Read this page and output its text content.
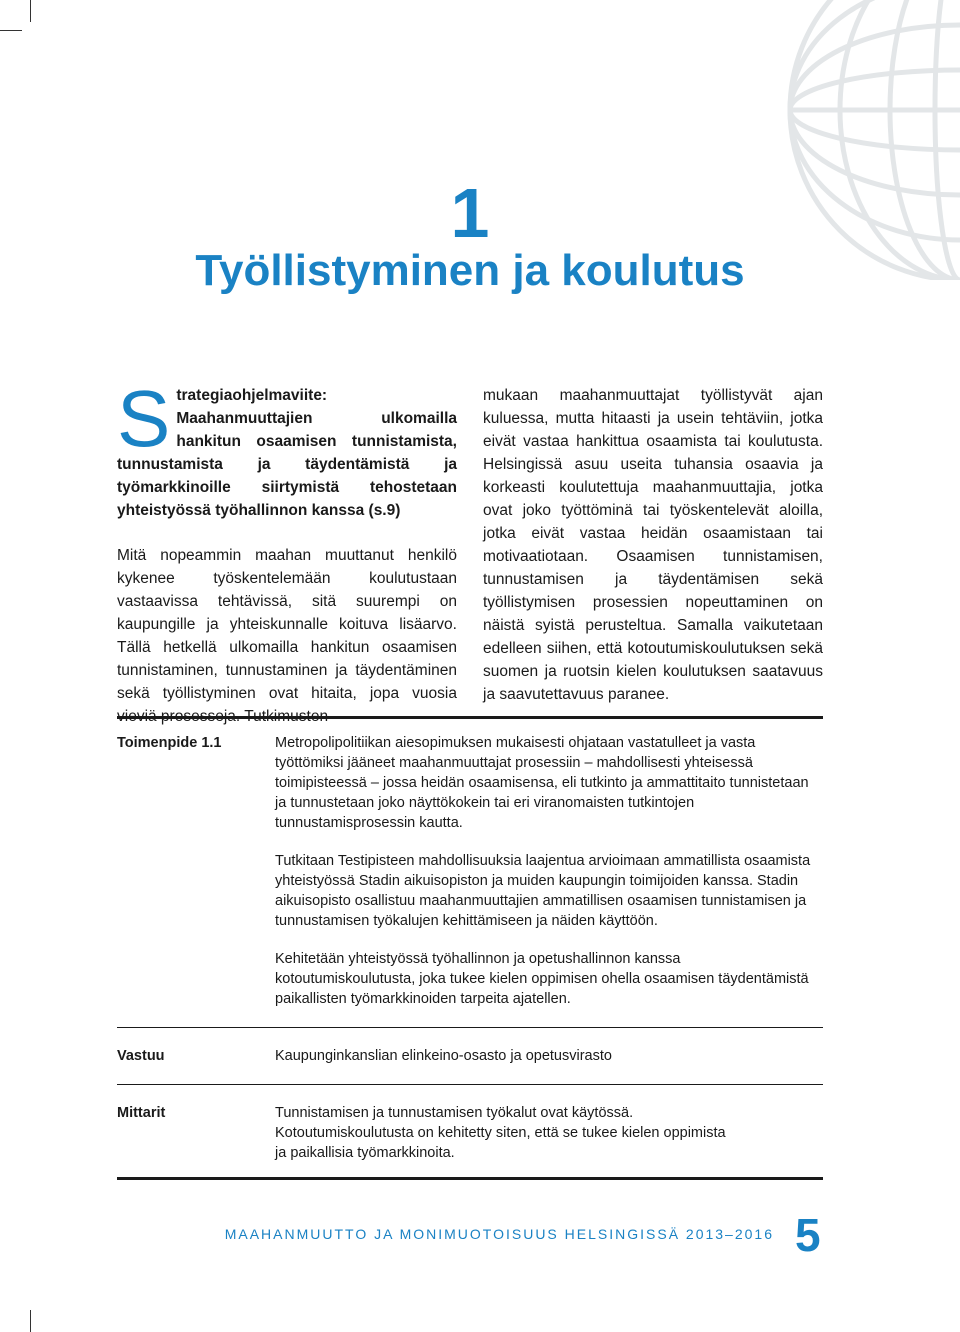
1
Työllistyminen ja koulutus

Strategiaohjelmaviite: Maahanmuuttajien ulkomailla hankitun osaamisen tunnistamista, tunnustamista ja täydentämistä ja työmarkkinoille siirtymistä tehostetaan yhteistyössä työhallinnon kanssa (s.9)

Mitä nopeammin maahan muuttanut henkilö kykenee työskentelemään koulutustaan vastaavissa tehtävissä, sitä suurempi on kaupungille ja yhteiskunnalle koituva lisäarvo. Tällä hetkellä ulkomailla hankitun osaamisen tunnistaminen, tunnustaminen ja täydentäminen sekä työllistyminen ovat hitaita, jopa vuosia

mukaan maahanmuuttajat työllistyvät ajan kuluessa, mutta hitaasti ja usein tehtäviin, jotka eivät vastaa hankittua osaamista tai koulutusta. Helsingissä asuu useita tuhansia osaavia ja korkeasti koulutettuja maahanmuuttajia, jotka ovat joko työttöminä tai työskentelevät aloilla, jotka eivät vastaa heidän osaamistaan tai motivaatiotaan. Osaamisen tunnistamisen, tunnustamisen ja täydentämisen sekä työllistymisen prosessien nopeuttaminen on näistä syistä perusteltua. Samalla vaikutetaan edelleen siihen, että kotoutumiskoulutuksen sekä suomen ja ruotsin kielen koulutuksen saatavuus ja saavutettavuus paranee.

Toimenpide 1.1	Metropolipolitiikan aiesopimuksen mukaisesti ohjataan vastatulleet ja vasta työttömiksi jääneet maahanmuuttajat prosessiin – mahdollisesti yhteisessä toimipisteessä – jossa heidän osaamisensa, eli tutkinto ja ammattitaito tunnistetaan ja tunnustetaan joko näyttökokein tai eri viranomaisten tutkintojen tunnustamisprosessin kautta.

Tutkitaan Testipisteen mahdollisuuksia laajentua arvioimaan ammatillista osaamista yhteistyössä Stadin aikuisopiston ja muiden kaupungin toimijoiden kanssa. Stadin aikuisopisto osallistuu maahanmuuttajien ammatillisen osaamisen tunnistamisen ja tunnustamisen työkalujen kehittämiseen ja näiden käyttöön.

Kehitetään yhteistyössä työhallinnon ja opetushallinnon kanssa kotoutumiskoulutusta, joka tukee kielen oppimisen ohella osaamisen täydentämistä paikallisten työmarkkinoiden tarpeita ajatellen.

Vastuu	Kaupunginkanslian elinkeino-osasto ja opetusvirasto
Mittarit	Tunnistamisen ja tunnustamisen työkalut ovat käytössä.
Kotoutumiskoulutusta on kehitetty siten, että se tukee kielen oppimista
ja paikallisia työmarkkinoita.
MAAHANMUUTTO JA MONIMUOTOISUUS HELSINGISSÄ 2013–2016 5
